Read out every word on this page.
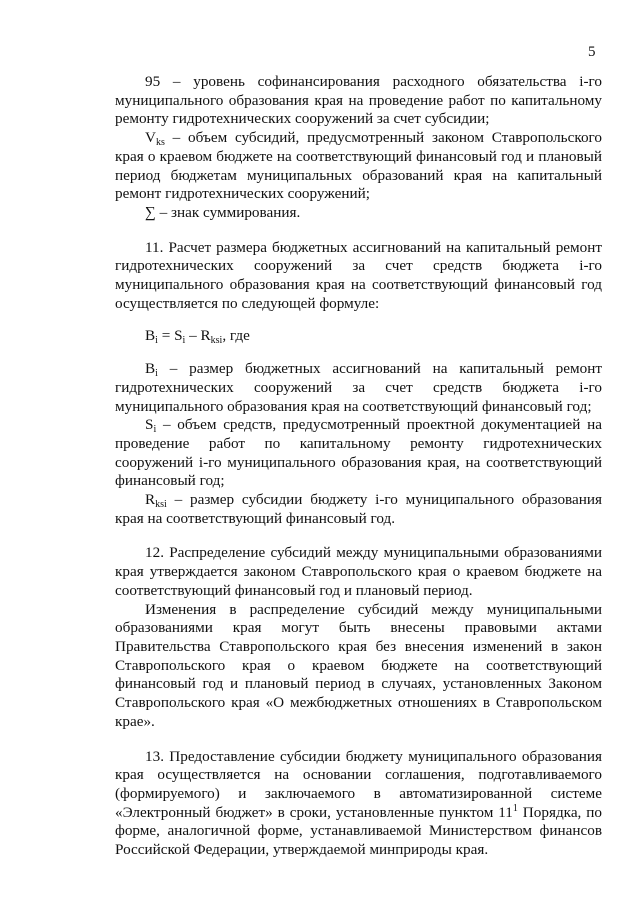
5

95 – уровень софинансирования расходного обязательства i-го муниципального образования края на проведение работ по капитальному ремонту гидротехнических сооружений за счет субсидии;

$V_{ks}$ – объем субсидий, предусмотренный законом Ставропольского края о краевом бюджете на соответствующий финансовый год и плановый период бюджетам муниципальных образований края на капитальный ремонт гидротехнических сооружений;

∑ – знак суммирования.

11. Расчет размера бюджетных ассигнований на капитальный ремонт гидротехнических сооружений за счет средств бюджета i-го муниципального образования края на соответствующий финансовый год осуществляется по следующей формуле:

$B_i = S_i - R_{ksi}$, где

$B_i$ – размер бюджетных ассигнований на капитальный ремонт гидротехнических сооружений за счет средств бюджета i-го муниципального образования края на соответствующий финансовый год;

$S_i$ – объем средств, предусмотренный проектной документацией на проведение работ по капитальному ремонту гидротехнических сооружений i-го муниципального образования края, на соответствующий финансовый год;

$R_{ksi}$ – размер субсидии бюджету i-го муниципального образования края на соответствующий финансовый год.

12. Распределение субсидий между муниципальными образованиями края утверждается законом Ставропольского края о краевом бюджете на соответствующий финансовый год и плановый период.

Изменения в распределение субсидий между муниципальными образованиями края могут быть внесены правовыми актами Правительства Ставропольского края без внесения изменений в закон Ставропольского края о краевом бюджете на соответствующий финансовый год и плановый период в случаях, установленных Законом Ставропольского края «О межбюджетных отношениях в Ставропольском крае».

13. Предоставление субсидии бюджету муниципального образования края осуществляется на основании соглашения, подготавливаемого (формируемого) и заключаемого в автоматизированной системе «Электронный бюджет» в сроки, установленные пунктом $11^1$ Порядка, по форме, аналогичной форме, устанавливаемой Министерством финансов Российской Федерации, утверждаемой минприроды края.
